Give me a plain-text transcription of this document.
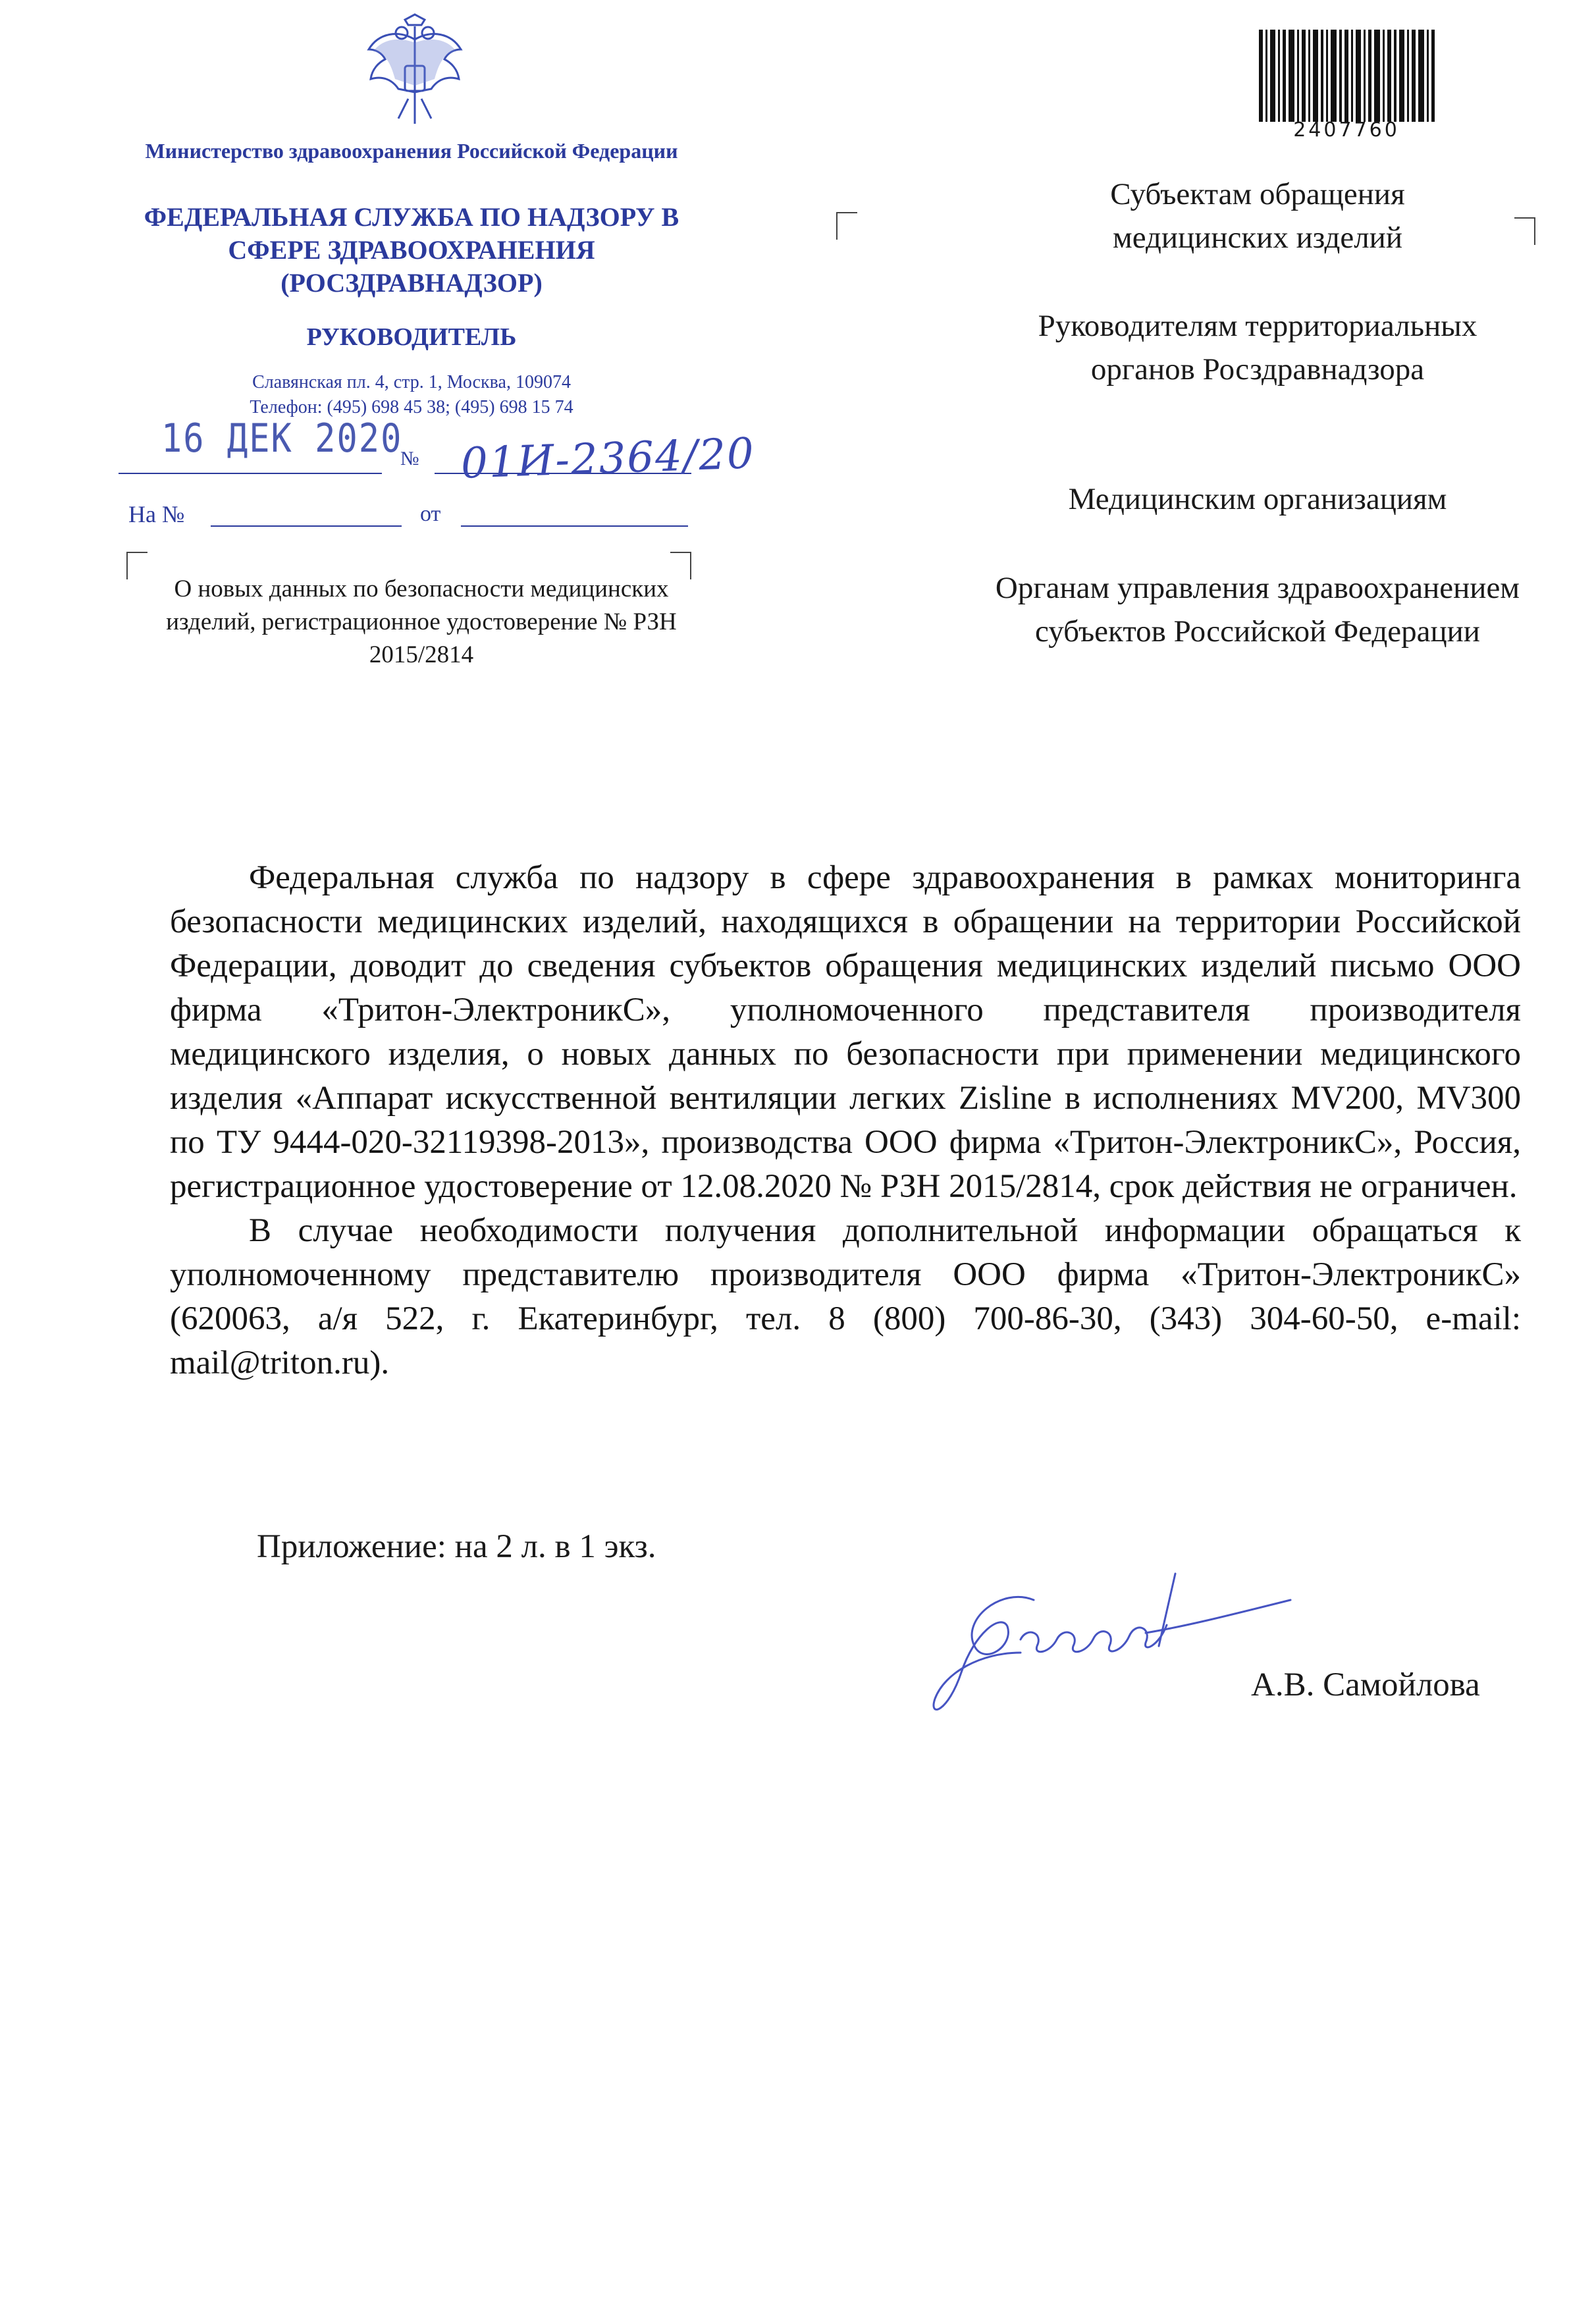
Министерство здравоохранения Российской Федерации
ФЕДЕРАЛЬНАЯ СЛУЖБА ПО НАДЗОРУ В СФЕРЕ ЗДРАВООХРАНЕНИЯ (РОСЗДРАВНАДЗОР)
РУКОВОДИТЕЛЬ
Славянская пл. 4, стр. 1, Москва, 109074
Телефон: (495) 698 45 38; (495) 698 15 74
16 ДЕК 2020
№ 01И-2364/20
На №	от
О новых данных по безопасности медицинских изделий, регистрационное удостоверение № РЗН 2015/2814
2407760
Субъектам обращения медицинских изделий
Руководителям территориальных органов Росздравнадзора
Медицинским организациям
Органам управления здравоохранением субъектов Российской Федерации

Федеральная служба по надзору в сфере здравоохранения в рамках мониторинга безопасности медицинских изделий, находящихся в обращении на территории Российской Федерации, доводит до сведения субъектов обращения медицинских изделий письмо ООО фирма «Тритон-ЭлектроникС», уполномоченного представителя производителя медицинского изделия, о новых данных по безопасности при применении медицинского изделия «Аппарат искусственной вентиляции легких Zisline в исполнениях MV200, MV300 по ТУ 9444-020-32119398-2013», производства ООО фирма «Тритон-ЭлектроникС», Россия, регистрационное удостоверение от 12.08.2020 № РЗН 2015/2814, срок действия не ограничен.

В случае необходимости получения дополнительной информации обращаться к уполномоченному представителю производителя ООО фирма «Тритон-ЭлектроникС» (620063, а/я 522, г. Екатеринбург, тел. 8 (800) 700-86-30, (343) 304-60-50, e-mail: mail@triton.ru).

Приложение: на 2 л. в 1 экз.
А.В. Самойлова
